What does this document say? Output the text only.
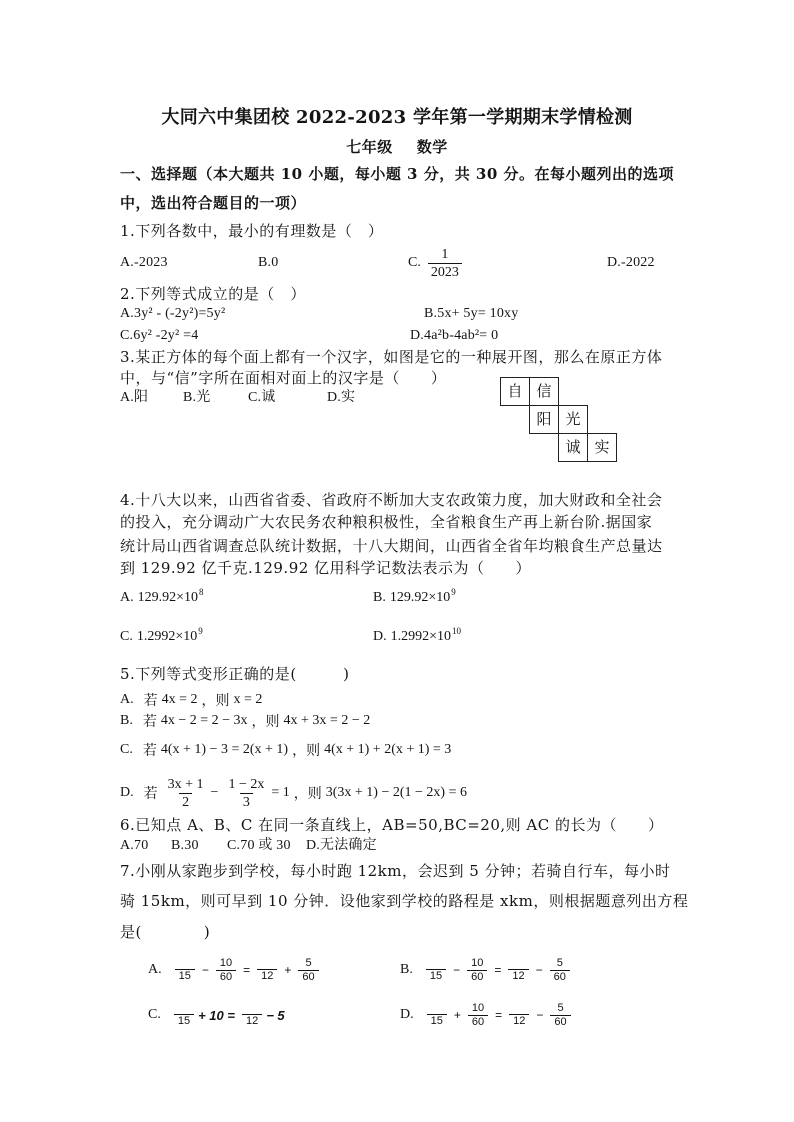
大同六中集团校 2022-2023 学年第一学期期末学情检测
七年级 数学
一、选择题（本大题共 10 小题，每小题 3 分，共 30 分。在每小题列出的选项
中，选出符合题目的一项）
1.下列各数中，最小的有理数是（　）
A.-2023	B.0	C. $\frac{1}{2023}$	D.-2022
2.下列等式成立的是（　）
A.3y² - (-2y²)=5y²	B.5x+ 5y= 10xy
C.6y² -2y² =4	D.4a²b-4ab²= 0
3.某正方体的每个面上都有一个汉字，如图是它的一种展开图，那么在原正方体
中，与“信”字所在面相对面上的汉字是（　　）
A.阳 B.光	C.诚	D.实	自 信
阳 光
诚 实
4.十八大以来，山西省省委、省政府不断加大支农政策力度，加大财政和全社会
的投入，充分调动广大农民务农种粮积极性，全省粮食生产再上新台阶.据国家
统计局山西省调查总队统计数据，十八大期间，山西省全省年均粮食生产总量达
到 129.92 亿千克.129.92 亿用科学记数法表示为（　　）
A. $129.92\times 10^8$	B. $129.92\times 10^9$
C. $1.2992\times 10^9$	D. $1.2992\times 10^{10}$
5.下列等式变形正确的是(　　　)
A. 若 4x = 2 ，则 x = 2
B. 若 4x − 2 = 2 − 3x ，则 4x + 3x = 2 − 2
C. 若 4(x + 1) − 3 = 2(x + 1) ，则 4(x + 1) + 2(x + 1) = 3
D. 若 $\frac{3x + 1}{2} - \frac{1 - 2x}{3} = 1$ ，则 3(3x + 1) − 2(1 − 2x) = 6
6.已知点 A、B、C 在同一条直线上，AB=50,BC=20,则 AC 的长为（　　）
A.70 B.30 C.70 或 30 D.无法确定
7.小刚从家跑步到学校，每小时跑 12km，会迟到 5 分钟；若骑自行车，每小时
骑 15km，则可早到 10 分钟．设他家到学校的路程是 xkm，则根据题意列出方程
是(　　　　)
A.	$15 - \frac{10}{60}$ =	$12 + \frac{5}{60}$	B.	$15 - \frac{10}{60}$ =	$12 - \frac{5}{60}$
C.	15 + 10 =	12 − 5	D.	$15 + \frac{10}{60}$ =	$12 - \frac{5}{60}$
